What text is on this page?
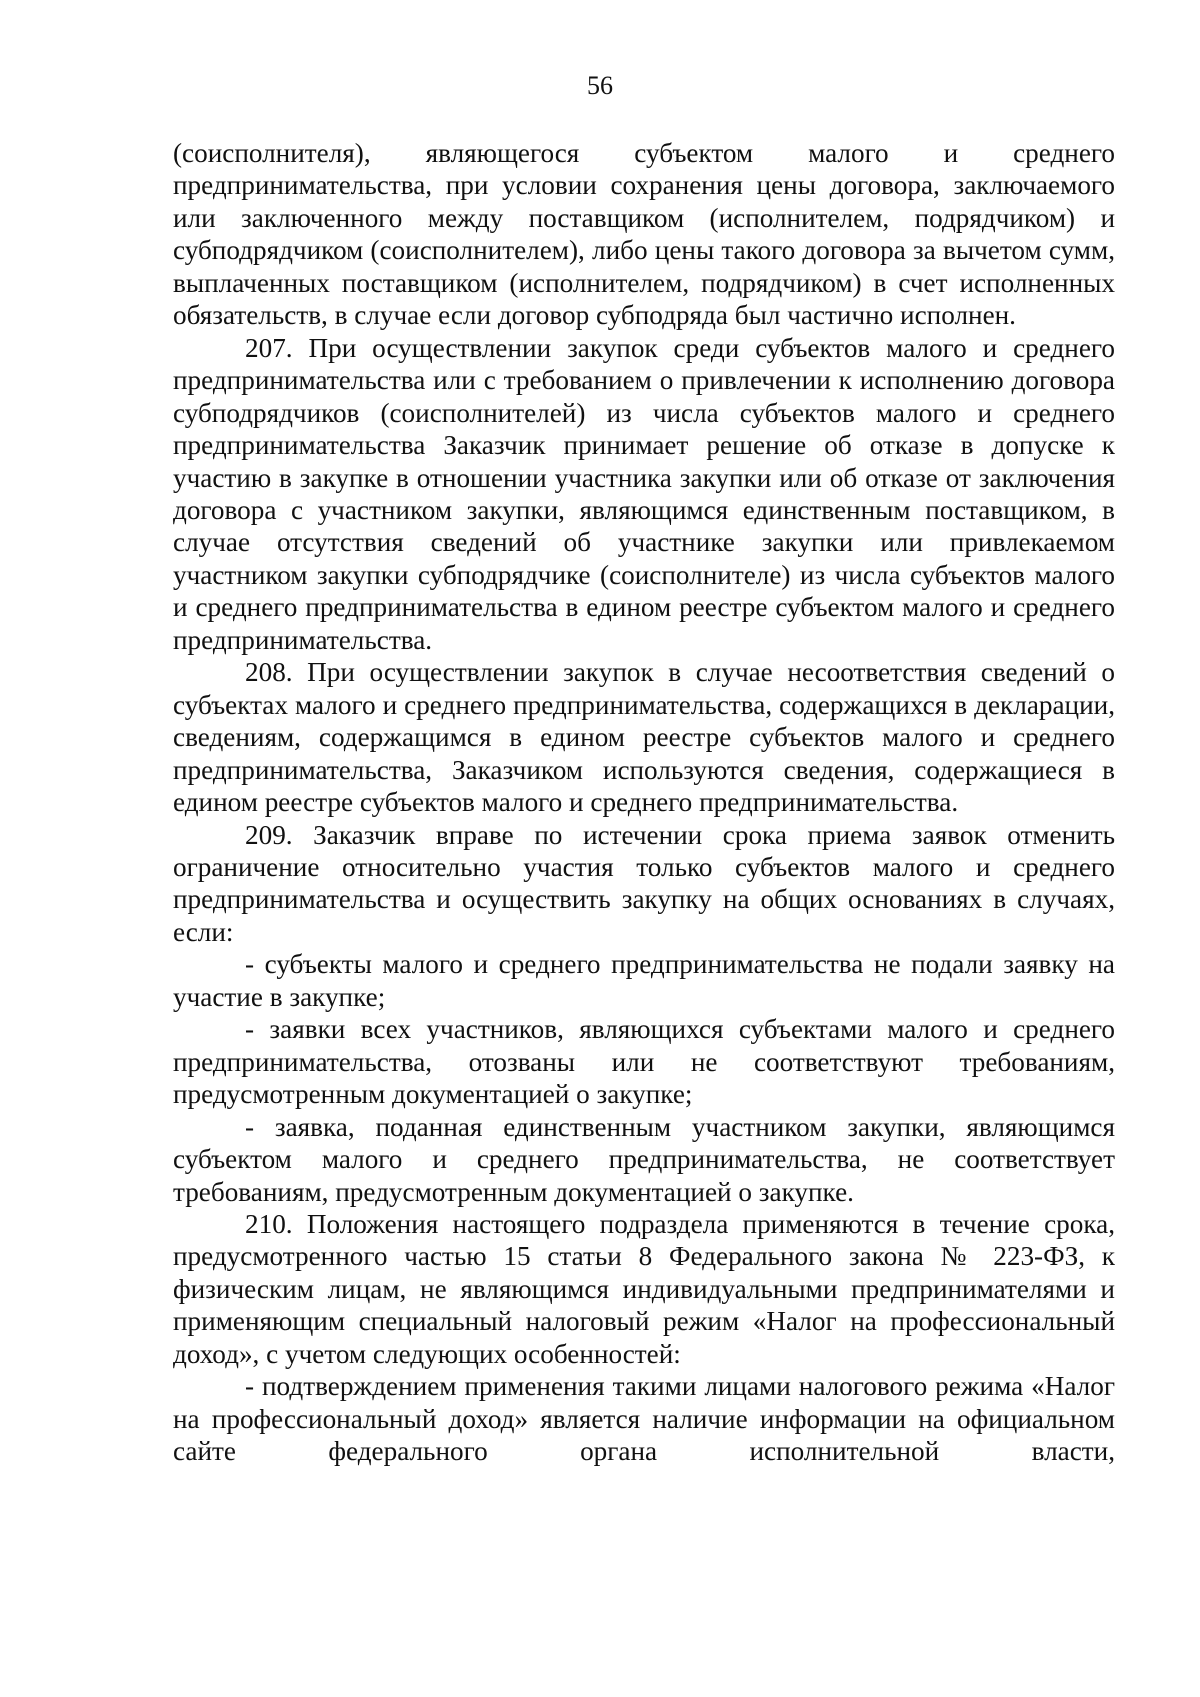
56

(соисполнителя), являющегося субъектом малого и среднего предпринимательства, при условии сохранения цены договора, заключаемого или заключенного между поставщиком (исполнителем, подрядчиком) и субподрядчиком (соисполнителем), либо цены такого договора за вычетом сумм, выплаченных поставщиком (исполнителем, подрядчиком) в счет исполненных обязательств, в случае если договор субподряда был частично исполнен.

207. При осуществлении закупок среди субъектов малого и среднего предпринимательства или с требованием о привлечении к исполнению договора субподрядчиков (соисполнителей) из числа субъектов малого и среднего предпринимательства Заказчик принимает решение об отказе в допуске к участию в закупке в отношении участника закупки или об отказе от заключения договора с участником закупки, являющимся единственным поставщиком, в случае отсутствия сведений об участнике закупки или привлекаемом участником закупки субподрядчике (соисполнителе) из числа субъектов малого и среднего предпринимательства в едином реестре субъектом малого и среднего предпринимательства.

208. При осуществлении закупок в случае несоответствия сведений о субъектах малого и среднего предпринимательства, содержащихся в декларации, сведениям, содержащимся в едином реестре субъектов малого и среднего предпринимательства, Заказчиком используются сведения, содержащиеся в едином реестре субъектов малого и среднего предпринимательства.

209. Заказчик вправе по истечении срока приема заявок отменить ограничение относительно участия только субъектов малого и среднего предпринимательства и осуществить закупку на общих основаниях в случаях, если:

- субъекты малого и среднего предпринимательства не подали заявку на участие в закупке;

- заявки всех участников, являющихся субъектами малого и среднего предпринимательства, отозваны или не соответствуют требованиям, предусмотренным документацией о закупке;

- заявка, поданная единственным участником закупки, являющимся субъектом малого и среднего предпринимательства, не соответствует требованиям, предусмотренным документацией о закупке.

210. Положения настоящего подраздела применяются в течение срока, предусмотренного частью 15 статьи 8 Федерального закона № 223-ФЗ, к физическим лицам, не являющимся индивидуальными предпринимателями и применяющим специальный налоговый режим «Налог на профессиональный доход», с учетом следующих особенностей:

- подтверждением применения такими лицами налогового режима «Налог на профессиональный доход» является наличие информации на официальном сайте федерального органа исполнительной власти,
